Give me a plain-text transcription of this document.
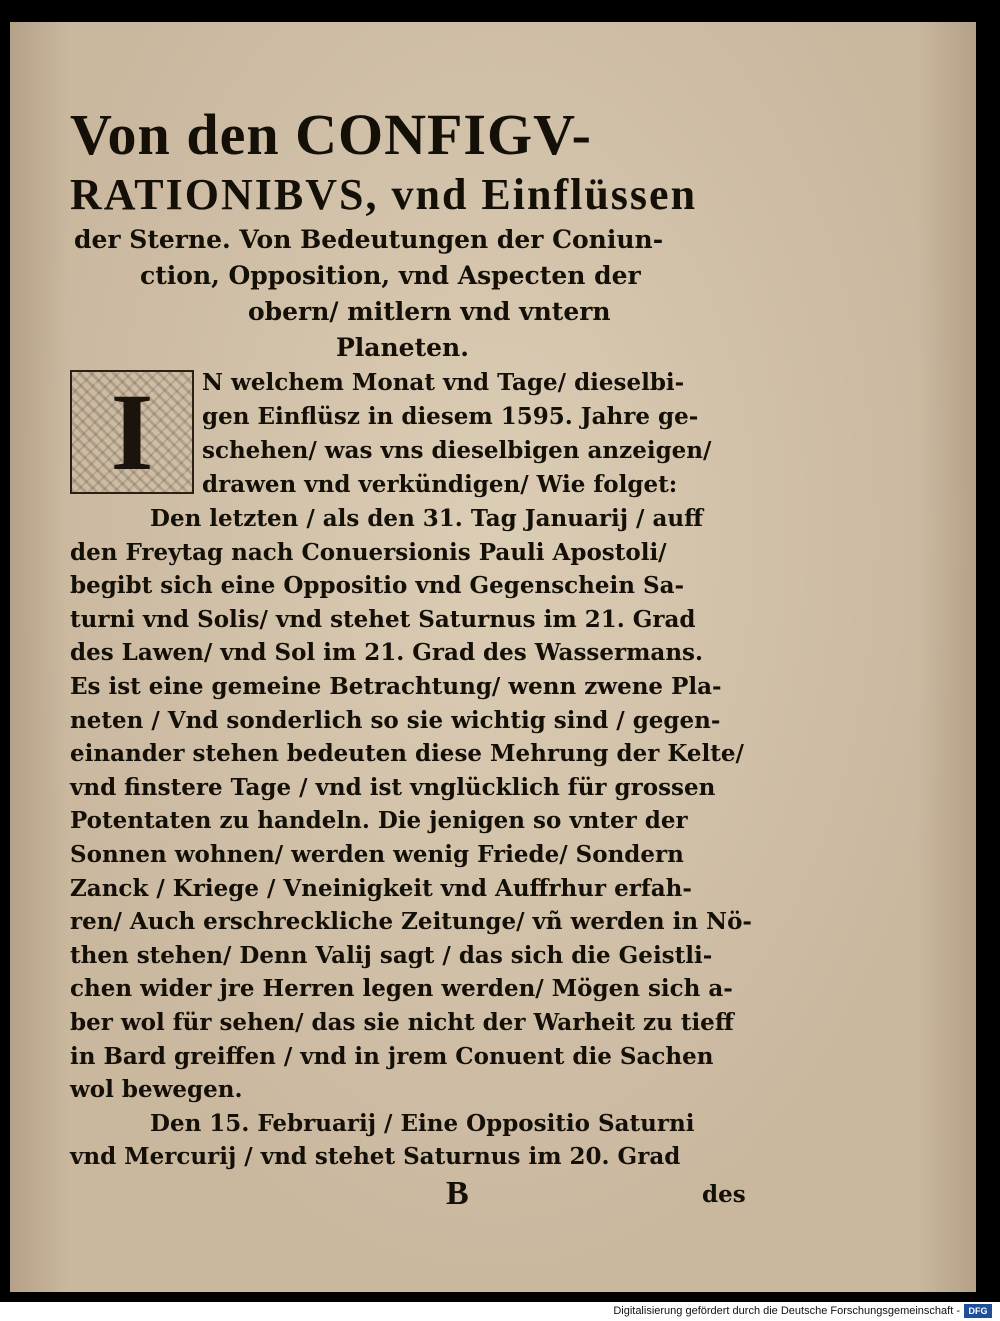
Von den CONFIGV-

RATIONIBVS, vnd Einflüssen

der Sterne. Von Bedeutungen der Coniun-

ction, Opposition, vnd Aspecten der

obern/ mitlern vnd vntern

Planeten.

I	N welchem Monat vnd Tage/ dieselbi-

gen Einflüsz in diesem 1595. Jahre ge-

schehen/ was vns dieselbigen anzeigen/

drawen vnd verkündigen/ Wie folget:

Den letzten / als den 31. Tag Januarij / auff

den Freytag nach Conuersionis Pauli Apostoli/

begibt sich eine Oppositio vnd Gegenschein Sa-

turni vnd Solis/ vnd stehet Saturnus im 21. Grad

des Lawen/ vnd Sol im 21. Grad des Wassermans.

Es ist eine gemeine Betrachtung/ wenn zwene Pla-

neten / Vnd sonderlich so sie wichtig sind / gegen-

einander stehen bedeuten diese Mehrung der Kelte/

vnd finstere Tage / vnd ist vnglücklich für grossen

Potentaten zu handeln. Die jenigen so vnter der

Sonnen wohnen/ werden wenig Friede/ Sondern

Zanck / Kriege / Vneinigkeit vnd Auffrhur erfah-

ren/ Auch erschreckliche Zeitunge/ vñ werden in Nö-

then stehen/ Denn Valij sagt / das sich die Geistli-

chen wider jre Herren legen werden/ Mögen sich a-

ber wol für sehen/ das sie nicht der Warheit zu tieff

in Bard greiffen / vnd in jrem Conuent die Sachen

wol bewegen.

Den 15. Februarij / Eine Oppositio Saturni

vnd Mercurij / vnd stehet Saturnus im 20. Grad

B	des
Digitalisierung gefördert durch die Deutsche Forschungsgemeinschaft - DFG
